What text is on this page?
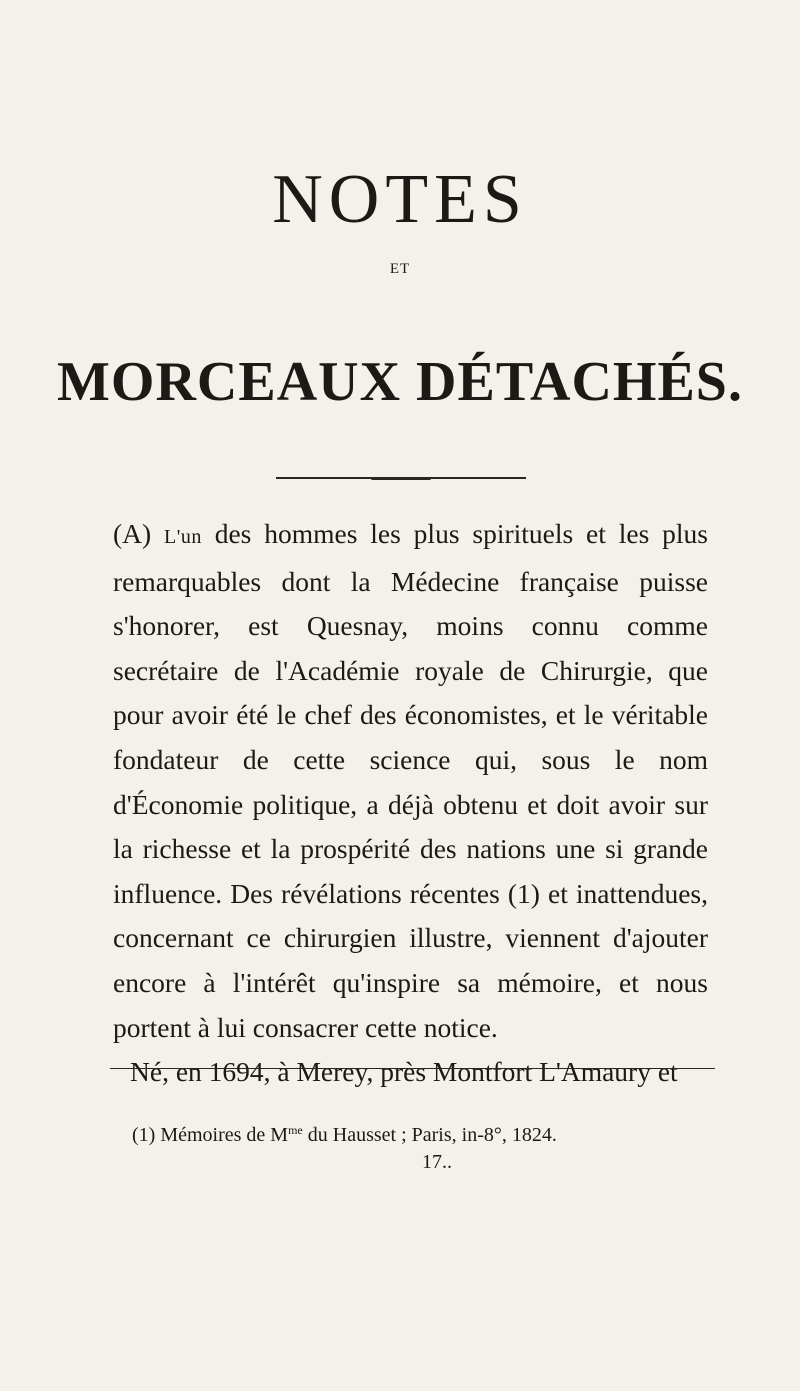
NOTES
ET
MORCEAUX DÉTACHÉS.

(A) L'un des hommes les plus spirituels et les plus remarquables dont la Médecine française puisse s'honorer, est Quesnay, moins connu comme secrétaire de l'Académie royale de Chirurgie, que pour avoir été le chef des économistes, et le véritable fondateur de cette science qui, sous le nom d'Économie politique, a déjà obtenu et doit avoir sur la richesse et la prospérité des nations une si grande influence. Des révélations récentes (1) et inattendues, concernant ce chirurgien illustre, viennent d'ajouter encore à l'intérêt qu'inspire sa mémoire, et nous portent à lui consacrer cette notice.

Né, en 1694, à Merey, près Montfort L'Amaury et

(1) Mémoires de $M^{me}$ du Hausset ; Paris, in-8°, 1824.
17..
